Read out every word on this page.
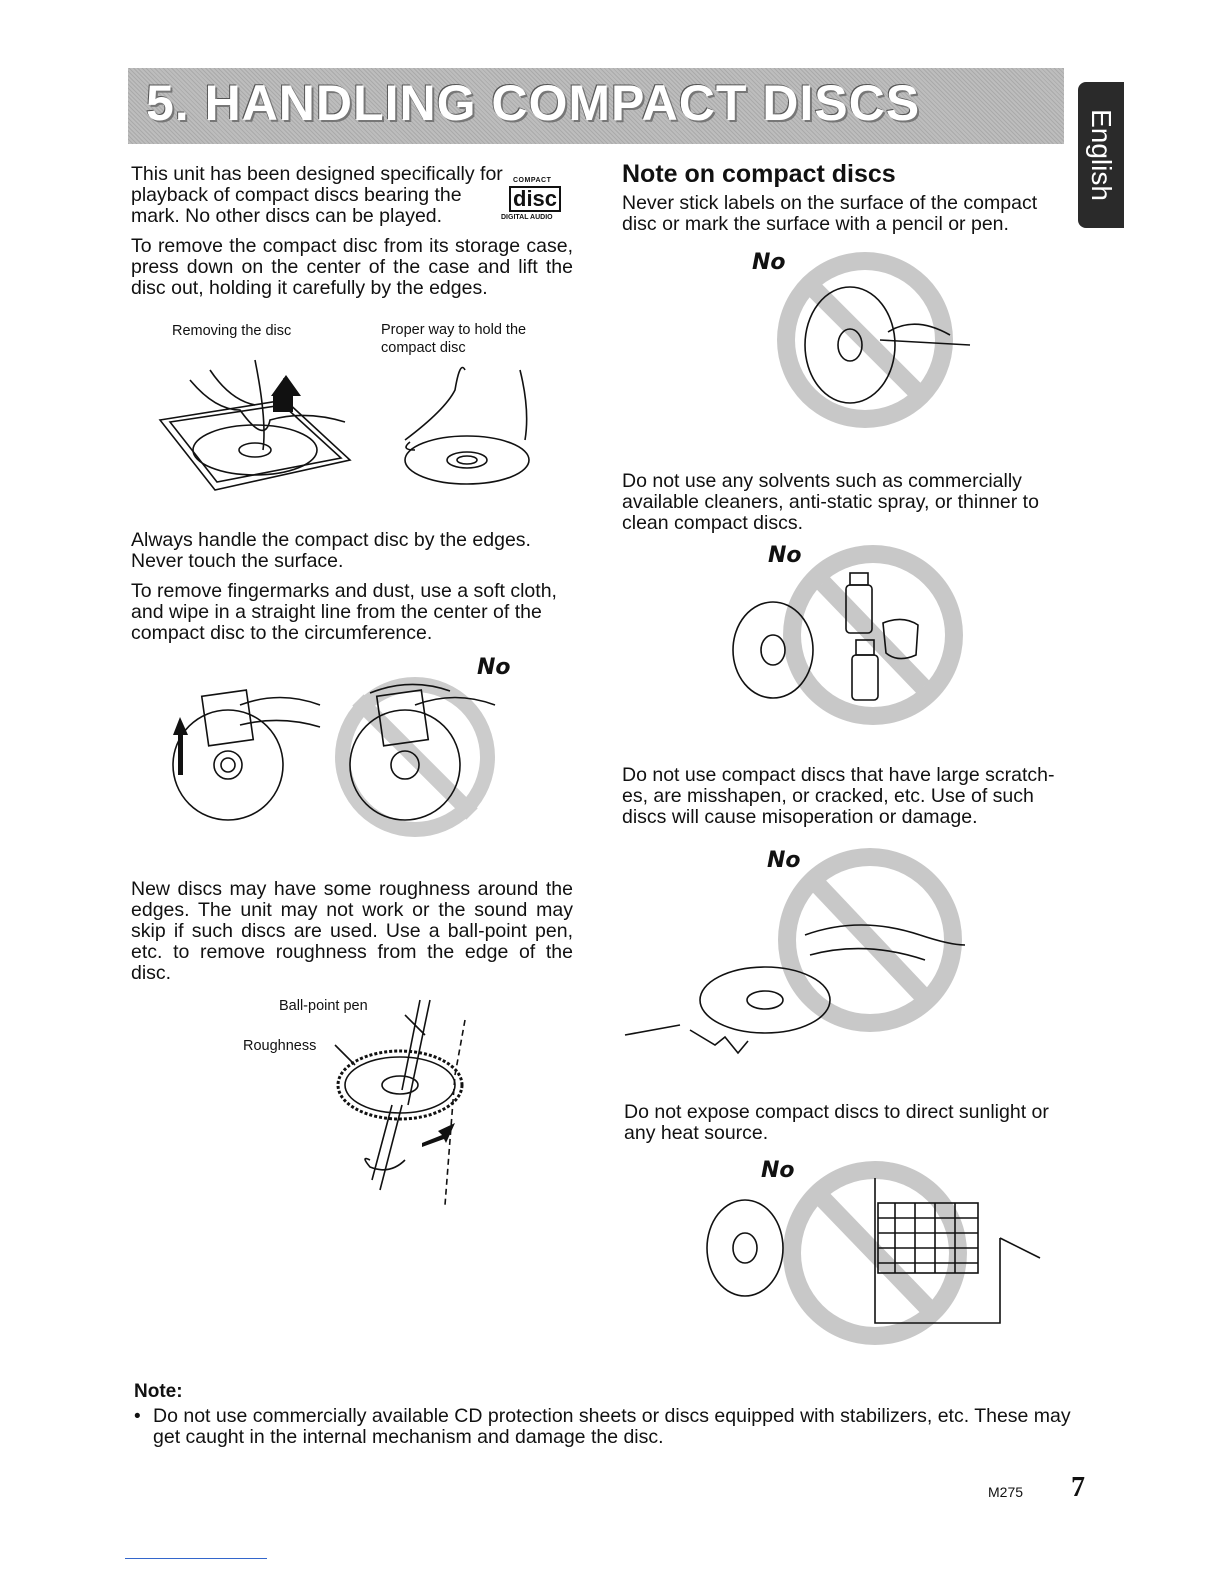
5. HANDLING COMPACT DISCS
English
This unit has been designed specifically for
playback of compact discs bearing the
mark. No other discs can be played.
COMPACT
disc
DIGITAL AUDIO
To remove the compact disc from its storage case, press down on the center of the case and lift the disc out, holding it carefully by the edges.
Removing the disc	Proper way to hold the compact disc
Always handle the compact disc by the edges. Never touch the surface.
To remove fingermarks and dust, use a soft cloth, and wipe in a straight line from the center of the compact disc to the circumference.
No
New discs may have some roughness around the edges. The unit may not work or the sound may skip if such discs are used. Use a ball-point pen, etc. to remove roughness from the edge of the disc.
Ball-point pen
Roughness
Note on compact discs
Never stick labels on the surface of the compact disc or mark the surface with a pencil or pen.
No
Do not use any solvents such as commercially available cleaners, anti-static spray, or thinner to clean compact discs.
No
Do not use compact discs that have large scratch-es, are misshapen, or cracked, etc. Use of such discs will cause misoperation or damage.
No
Do not expose compact discs to direct sunlight or any heat source.
No
Note:
• Do not use commercially available CD protection sheets or discs equipped with stabilizers, etc. These may get caught in the internal mechanism and damage the disc.
M275 7
